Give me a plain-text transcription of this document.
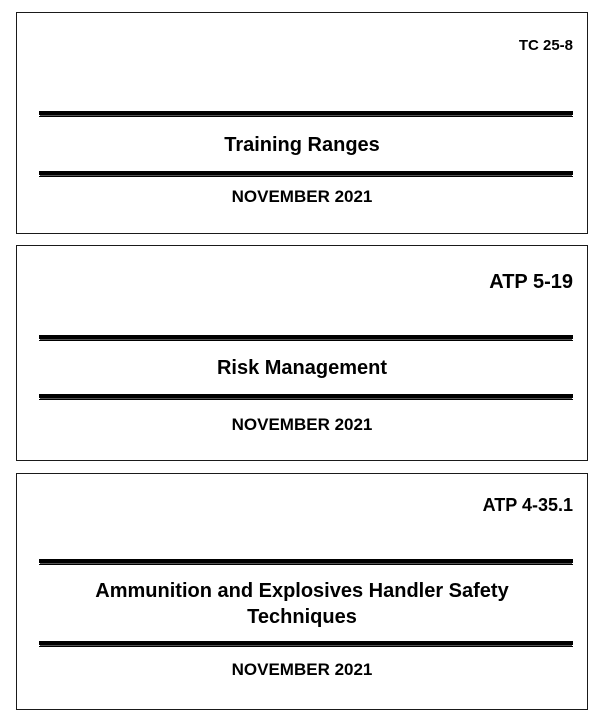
TC 25-8
Training Ranges
NOVEMBER 2021
ATP 5-19
Risk Management
NOVEMBER 2021
ATP 4-35.1
Ammunition and Explosives Handler Safety
Techniques
NOVEMBER 2021
